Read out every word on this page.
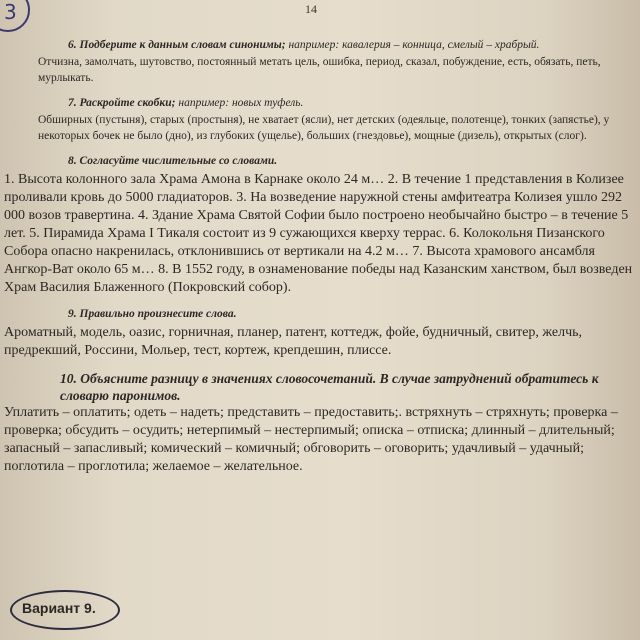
14
3
6. Подберите к данным словам синонимы; например: кавалерия – конница, смелый – храбрый.
Отчизна, замолчать, шутовство, постоянный метать цель, ошибка, период, сказал, побуждение, есть, обязать, петь, мурлыкать.
7. Раскройте скобки; например: новых туфель.
Обширных (пустыня), старых (простыня), не хватает (ясли), нет детских (одеяльце, полотенце), тонких (запястье), у некоторых бочек не было (дно), из глубоких (ущелье), больших (гнездовье), мощные (дизель), открытых (слог).
8. Согласуйте числительные со словами.
1. Высота колонного зала Храма Амона в Карнаке около 24 м… 2. В течение 1 представления в Колизее проливали кровь до 5000 гладиаторов. 3. На возведение наружной стены амфитеатра Колизея ушло 292 000 возов травертина. 4. Здание Храма Святой Софии было построено необычайно быстро – в течение 5 лет. 5. Пирамида Храма I Тикаля состоит из 9 сужающихся кверху террас. 6. Колокольня Пизанского Собора опасно накренилась, отклонившись от вертикали на 4.2 м… 7. Высота храмового ансамбля Ангкор-Ват около 65 м… 8. В 1552 году, в ознаменование победы над Казанским ханством, был возведен Храм Василия Блаженного (Покровский собор).
9. Правильно произнесите слова.
Ароматный, модель, оазис, горничная, планер, патент, коттедж, фойе, будничный, свитер, желчь, предрекший, Россини, Мольер, тест, кортеж, крепдешин, плиссе.
10. Объясните разницу в значениях словосочетаний. В случае затруднений обратитесь к словарю паронимов.
Уплатить – оплатить; одеть – надеть; представить – предоставить;. встряхнуть – стряхнуть; проверка – проверка; обсудить – осудить; нетерпимый – нестерпимый; описка – отписка; длинный – длительный; запасный – запасливый; комический – комичный; обговорить – оговорить; удачливый – удачный; поглотила – проглотила; желаемое – желательное.
Вариант 9.
